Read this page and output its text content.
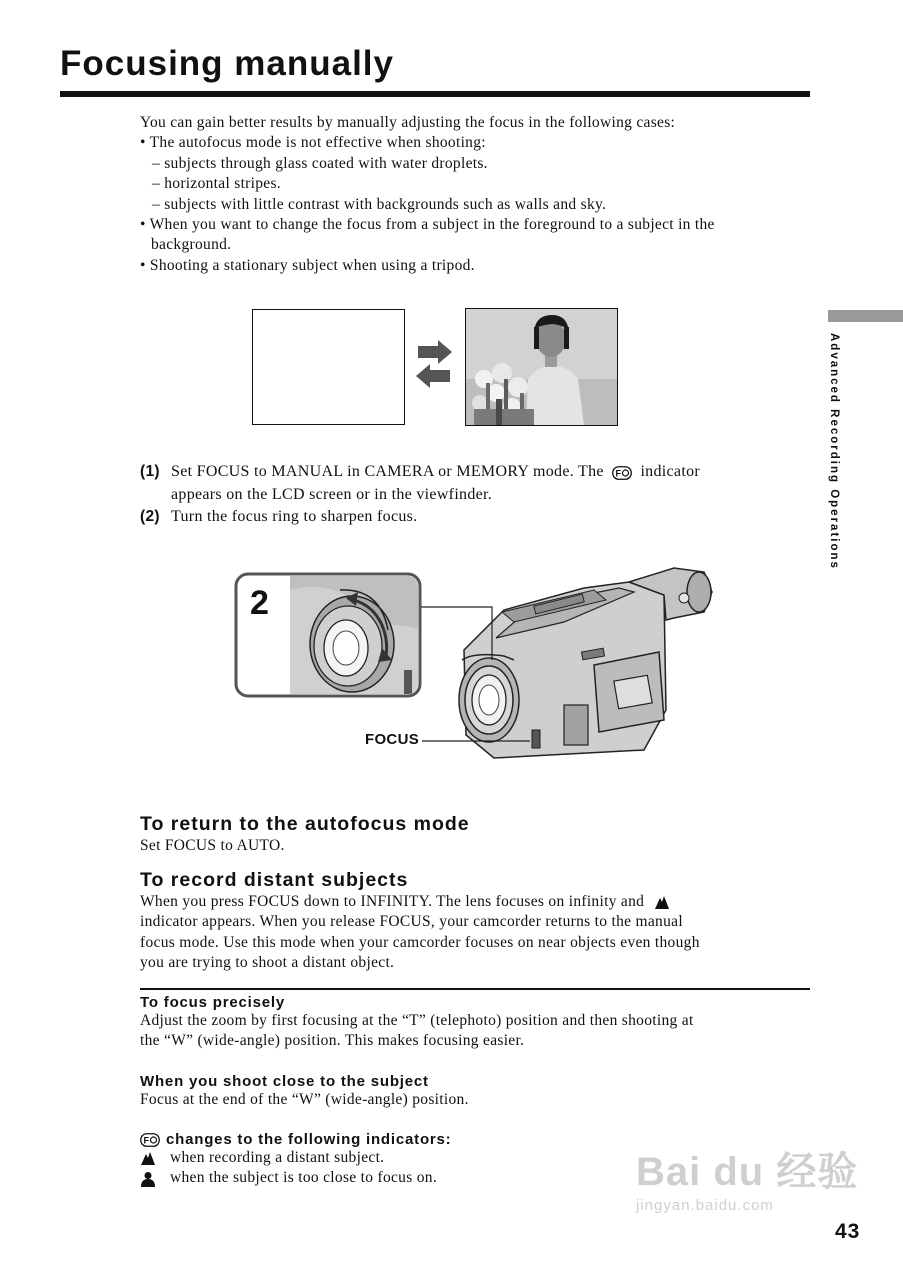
Focusing manually

You can gain better results by manually adjusting the focus in the following cases:

• The autofocus mode is not effective when shooting:

– subjects through glass coated with water droplets.

– horizontal stripes.

– subjects with little contrast with backgrounds such as walls and sky.

• When you want to change the focus from a subject in the foreground to a subject in the

background.

• Shooting a stationary subject when using a tripod.

Advanced Recording Operations
(1) Set FOCUS to MANUAL in CAMERA or MEMORY mode. The F indicator

appears on the LCD screen or in the viewfinder.

(2) Turn the focus ring to sharpen focus.

2
FOCUS
To return to the autofocus mode

Set FOCUS to AUTO.

To record distant subjects

When you press FOCUS down to INFINITY. The lens focuses on infinity and

indicator appears. When you release FOCUS, your camcorder returns to the manual

focus mode. Use this mode when your camcorder focuses on near objects even though

you are trying to shoot a distant object.

To focus precisely

Adjust the zoom by first focusing at the “T” (telephoto) position and then shooting at

the “W” (wide-angle) position. This makes focusing easier.

When you shoot close to the subject

Focus at the end of the “W” (wide-angle) position.

F changes to the following indicators:
when recording a distant subject.
when the subject is too close to focus on.	Bai du 经验
jingyan.baidu.com
43
